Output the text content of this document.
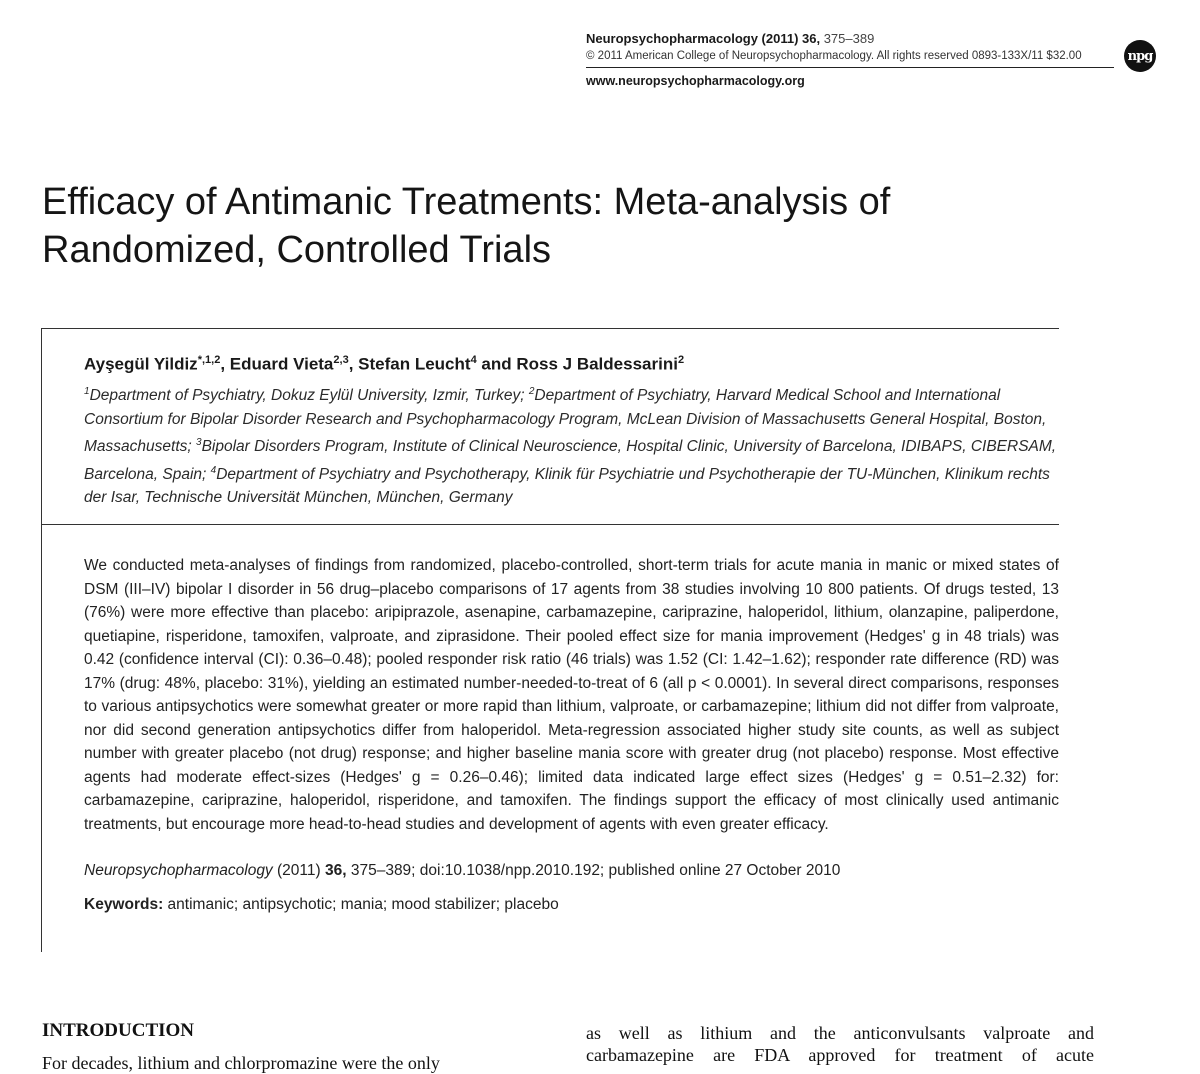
Neuropsychopharmacology (2011) 36, 375–389
© 2011 American College of Neuropsychopharmacology. All rights reserved 0893-133X/11 $32.00	npg
www.neuropsychopharmacology.org
Efficacy of Antimanic Treatments: Meta-analysis of Randomized, Controlled Trials
Ayşegül Yildiz$^{*,1,2}$, Eduard Vieta$^{2,3}$, Stefan Leucht$^4$ and Ross J Baldessarini$^2$
$^1$Department of Psychiatry, Dokuz Eylül University, Izmir, Turkey; $^2$Department of Psychiatry, Harvard Medical School and International Consortium for Bipolar Disorder Research and Psychopharmacology Program, McLean Division of Massachusetts General Hospital, Boston, Massachusetts; $^3$Bipolar Disorders Program, Institute of Clinical Neuroscience, Hospital Clinic, University of Barcelona, IDIBAPS, CIBERSAM, Barcelona, Spain; $^4$Department of Psychiatry and Psychotherapy, Klinik für Psychiatrie und Psychotherapie der TU-München, Klinikum rechts der Isar, Technische Universität München, München, Germany
We conducted meta-analyses of findings from randomized, placebo-controlled, short-term trials for acute mania in manic or mixed states of DSM (III–IV) bipolar I disorder in 56 drug–placebo comparisons of 17 agents from 38 studies involving 10 800 patients. Of drugs tested, 13 (76%) were more effective than placebo: aripiprazole, asenapine, carbamazepine, cariprazine, haloperidol, lithium, olanzapine, paliperdone, quetiapine, risperidone, tamoxifen, valproate, and ziprasidone. Their pooled effect size for mania improvement (Hedges' g in 48 trials) was 0.42 (confidence interval (CI): 0.36–0.48); pooled responder risk ratio (46 trials) was 1.52 (CI: 1.42–1.62); responder rate difference (RD) was 17% (drug: 48%, placebo: 31%), yielding an estimated number-needed-to-treat of 6 (all p < 0.0001). In several direct comparisons, responses to various antipsychotics were somewhat greater or more rapid than lithium, valproate, or carbamazepine; lithium did not differ from valproate, nor did second generation antipsychotics differ from haloperidol. Meta-regression associated higher study site counts, as well as subject number with greater placebo (not drug) response; and higher baseline mania score with greater drug (not placebo) response. Most effective agents had moderate effect-sizes (Hedges' g = 0.26–0.46); limited data indicated large effect sizes (Hedges' g = 0.51–2.32) for: carbamazepine, cariprazine, haloperidol, risperidone, and tamoxifen. The findings support the efficacy of most clinically used antimanic treatments, but encourage more head-to-head studies and development of agents with even greater efficacy.
Neuropsychopharmacology (2011) 36, 375–389; doi:10.1038/npp.2010.192; published online 27 October 2010
Keywords: antimanic; antipsychotic; mania; mood stabilizer; placebo
INTRODUCTION
For decades, lithium and chlorpromazine were the only
as well as lithium and the anticonvulsants valproate and carbamazepine are FDA approved for treatment of acute
